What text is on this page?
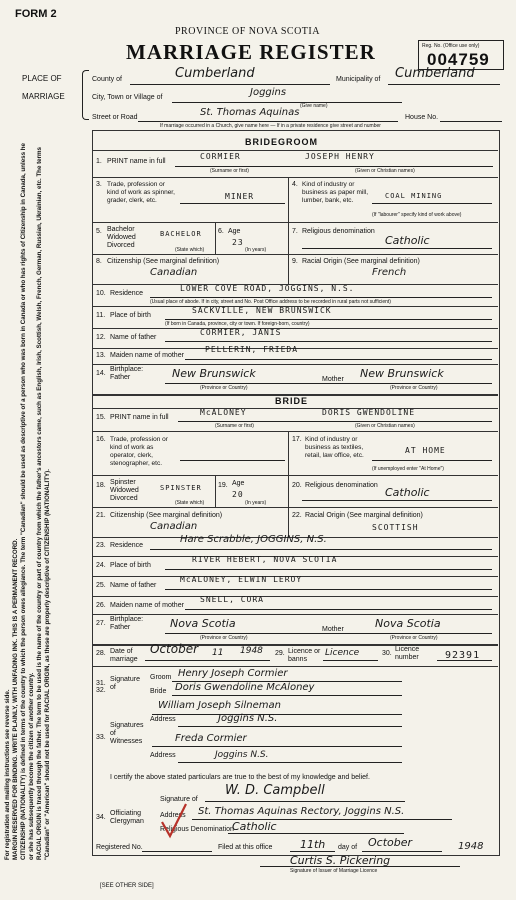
FORM 2
PROVINCE OF NOVA SCOTIA
MARRIAGE REGISTER	Reg. No. (Office use only)
004759
PLACE OF
MARRIAGE
County of	Cumberland	Municipality of Cumberland
City, Town or Village of	Joggins
(Give name)
Street or Road	St. Thomas Aquinas	House No.
If marriage occurred in a Church, give name here — If in a private residence give street and number
For registration and mailing instructions see reverse side. MARGIN RESERVED FOR BINDING. WRITE PLAINLY, WITH UNFADING INK. THIS IS A PERMANENT RECORD. CITIZENSHIP (NATIONALITY) is defined in terms of the country to which the person owes allegiance. The term "Canadian" should be used as descriptive of a person who was born in Canada or who has rights of Citizenship in Canada, unless he or she has subsequently become the citizen of another country. RACIAL ORIGIN is traced through the father. The term to be used is the name of the country or part of country from which the father's ancestors came, such as English, Irish, Scottish, Welsh, French, German, Russian, Ukrainian, etc. The terms "Canadian" or "American" should not be used for RACIAL ORIGIN, as these are properly descriptive of CITIZENSHIP (NATIONALITY).
BRIDEGROOM
1. PRINT name in full
CORMIER	JOSEPH HENRY
(Surname or first)	(Given or Christian names)
3. Trade, profession or kind of work as spinner, grader, clerk, etc.	MINER
4. Kind of industry or business as paper mill, lumber, bank, etc.
COAL MINING
(If "labourer" specify kind of work above)
5. Bachelor Widowed Divorced
BACHELOR
(State which)
6. Age
23
(In years)
7. Religious denomination
Catholic
8. Citizenship (See marginal definition)
Canadian
9. Racial Origin (See marginal definition)
French
10. Residence
LOWER COVE ROAD, JOGGINS, N.S.
(Usual place of abode. If in city, street and No. Post Office address to be recorded in rural parts not sufficient)
11. Place of birth
SACKVILLE, NEW BRUNSWICK
(If born in Canada, province, city or town. If foreign-born, country)
12. Name of father
CORMIER, JANIS
13. Maiden name of mother
PELLERIN, FRIEDA
14.
Birthplace: Father	New Brunswick	Mother New Brunswick
(Province or Country)	(Province or Country)
BRIDE
15. PRINT name in full
McALONEY	DORIS GWENDOLINE
(Surname or first)	(Given or Christian names)
16. Trade, profession or kind of work as operator, clerk, stenographer, etc.
17. Kind of industry or business as textiles, retail, law office, etc.
AT HOME
(If unemployed enter "At Home")
18. Spinster Widowed Divorced
SPINSTER
(State which)
19. Age
20
(In years)
20. Religious denomination
Catholic
21. Citizenship (See marginal definition)
Canadian
22. Racial Origin (See marginal definition)
SCOTTISH
23. Residence
Hare Scrabble, JOGGINS, N.S.
24. Place of birth
RIVER HEBERT, NOVA SCOTIA
25. Name of father
McALONEY, ELWIN LEROY
26. Maiden name of mother
SNELL, CORA
27.
Birthplace: Father	Nova Scotia	Mother	Nova Scotia
(Province or Country)	(Province or Country)
28. Date of marriage
October 11 1948 29. Licence or banns
Licence	30.
Licence number	92391
31.
32.
Signature of
Groom Henry Joseph Cormier
Bride Doris Gwendoline McAloney
33.
Signatures of Witnesses
William Joseph Silneman
Address	Joggins N.S.
Freda Cormier
Address	Joggins N.S.
I certify the above stated particulars are true to the best of my knowledge and belief.
34.
Officiating Clergyman
Signature of
W. D. Campbell
Address St. Thomas Aquinas Rectory, Joggins N.S.
Religious Denomination
Catholic
Registered No.	Filed at this office	11th day of October	1948
Curtis S. Pickering
Signature of Issuer of Marriage Licence
[SEE OTHER SIDE]
